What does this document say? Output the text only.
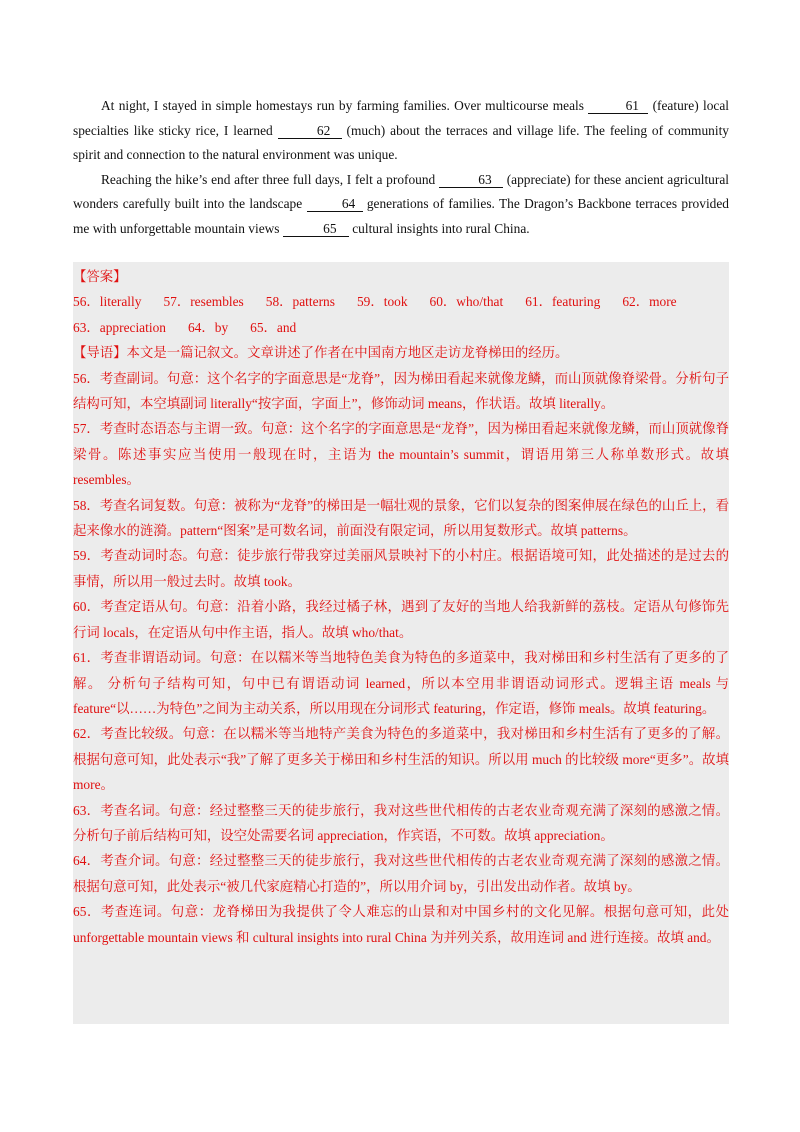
At night, I stayed in simple homestays run by farming families. Over multicourse meals	61 (feature) local specialties like sticky rice, I learned	62 (much) about the terraces and village life. The feeling of community spirit and connection to the natural environment was unique.

Reaching the hike’s end after three full days, I felt a profound	63 (appreciate) for these ancient agricultural wonders carefully built into the landscape	64 generations of families. The Dragon’s Backbone terraces provided me with unforgettable mountain views	65 cultural insights into rural China.

【答案】

56．literally 57．resembles 58．patterns 59．took 60．who/that 61．featuring 62．more
63．appreciation 64．by 65．and

【导语】本文是一篇记叙文。文章讲述了作者在中国南方地区走访龙脊梯田的经历。

56．考查副词。句意：这个名字的字面意思是“龙脊”，因为梯田看起来就像龙鳞，而山顶就像脊梁骨。分析句子结构可知，本空填副词 literally“按字面，字面上”，修饰动词 means，作状语。故填 literally。

57．考查时态语态与主谓一致。句意：这个名字的字面意思是“龙脊”，因为梯田看起来就像龙鳞，而山顶就像脊梁骨。陈述事实应当使用一般现在时，主语为 the mountain’s summit，谓语用第三人称单数形式。故填resembles。

58．考查名词复数。句意：被称为“龙脊”的梯田是一幅壮观的景象，它们以复杂的图案伸展在绿色的山丘上，看起来像水的涟漪。pattern“图案”是可数名词，前面没有限定词，所以用复数形式。故填 patterns。

59．考查动词时态。句意：徒步旅行带我穿过美丽风景映衬下的小村庄。根据语境可知，此处描述的是过去的事情，所以用一般过去时。故填 took。

60．考查定语从句。句意：沿着小路，我经过橘子林，遇到了友好的当地人给我新鲜的荔枝。定语从句修饰先行词 locals，在定语从句中作主语，指人。故填 who/that。

61．考查非谓语动词。句意：在以糯米等当地特色美食为特色的多道菜中，我对梯田和乡村生活有了更多的了解。 分析句子结构可知，句中已有谓语动词 learned，所以本空用非谓语动词形式。逻辑主语 meals 与 feature“以……为特色”之间为主动关系，所以用现在分词形式 featuring，作定语，修饰 meals。故填 featuring。

62．考查比较级。句意：在以糯米等当地特产美食为特色的多道菜中，我对梯田和乡村生活有了更多的了解。 根据句意可知，此处表示“我”了解了更多关于梯田和乡村生活的知识。所以用 much 的比较级 more“更多”。故填 more。

63．考查名词。句意：经过整整三天的徒步旅行，我对这些世代相传的古老农业奇观充满了深刻的感激之情。分析句子前后结构可知，设空处需要名词 appreciation，作宾语，不可数。故填 appreciation。

64．考查介词。句意：经过整整三天的徒步旅行，我对这些世代相传的古老农业奇观充满了深刻的感激之情。根据句意可知，此处表示“被几代家庭精心打造的”，所以用介词 by，引出发出动作者。故填 by。

65．考查连词。句意：龙脊梯田为我提供了令人难忘的山景和对中国乡村的文化见解。根据句意可知，此处 unforgettable mountain views 和 cultural insights into rural China 为并列关系，故用连词 and 进行连接。故填 and。
